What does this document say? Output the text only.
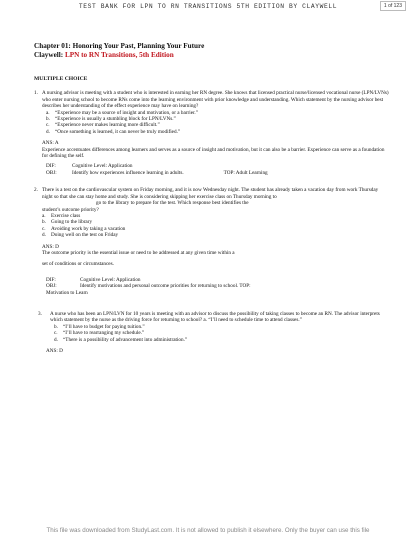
TEST BANK FOR LPN TO RN TRANSITIONS 5TH EDITION BY CLAYWELL	1 of 123
Chapter 01: Honoring Your Past, Planning Your Future
Claywell: LPN to RN Transitions, 5th Edition
MULTIPLE CHOICE
1. A nursing advisor is meeting with a student who is interested in earning her RN degree. She knows that licensed practical nurse/licensed vocational nurse (LPN/LVNs) who enter nursing school to become RNs come into the learning environment with prior knowledge and understanding. Which statement by the nursing advisor best describes her understanding of the effect experience may have on learning?
a.	“Experience may be a source of insight and motivation, or a barrier.”
b. “Experience is usually a stumbling block for LPN/LVNs.”
c.	“Experience never makes learning more difficult.”
d. “Once something is learned, it can never be truly modified.”
ANS: A
Experience accentuates differences among learners and serves as a source of insight and motivation, but it can also be a barrier. Experience can serve as a foundation for defining the self.
DIF:	Cognitive Level: Application
OBJ:	Identify how experiences influence learning in adults.	TOP: Adult Learning
2. There is a test on the cardiovascular system on Friday morning, and it is now Wednesday night. The student has already taken a vacation day from work Thursday night so that she can stay home and study. She is considering skipping her exercise class on Thursday morning to
go to the library to prepare for the test. Which response best identifies the
student’s outcome priority?
a.	Exercise class
b. Going to the library
c.	Avoiding work by taking a vacation
d. Doing well on the test on Friday
ANS: D
The outcome priority is the essential issue or need to be addressed at any given time within a
set of conditions or circumstances.
DIF:	Cognitive Level: Application
OBJ:	Identify motivations and personal outcome priorities for returning to school. TOP:
Motivation to Learn
3.	A nurse who has been an LPN/LVN for 10 years is meeting with an advisor to discuss the possibility of taking classes to become an RN. The advisor interprets which statement by the nurse as the driving force for returning to school? a. “I’ll need to schedule time to attend classes.”
b. “I’ll have to budget for paying tuition.”
c.	“I’ll have to rearranging my schedule.”
d. “There is a possibility of advancement into administration.”
ANS: D
This file was downloaded from StudyLast.com. It is not allowed to publish it elsewhere. Only the buyer can use this file
